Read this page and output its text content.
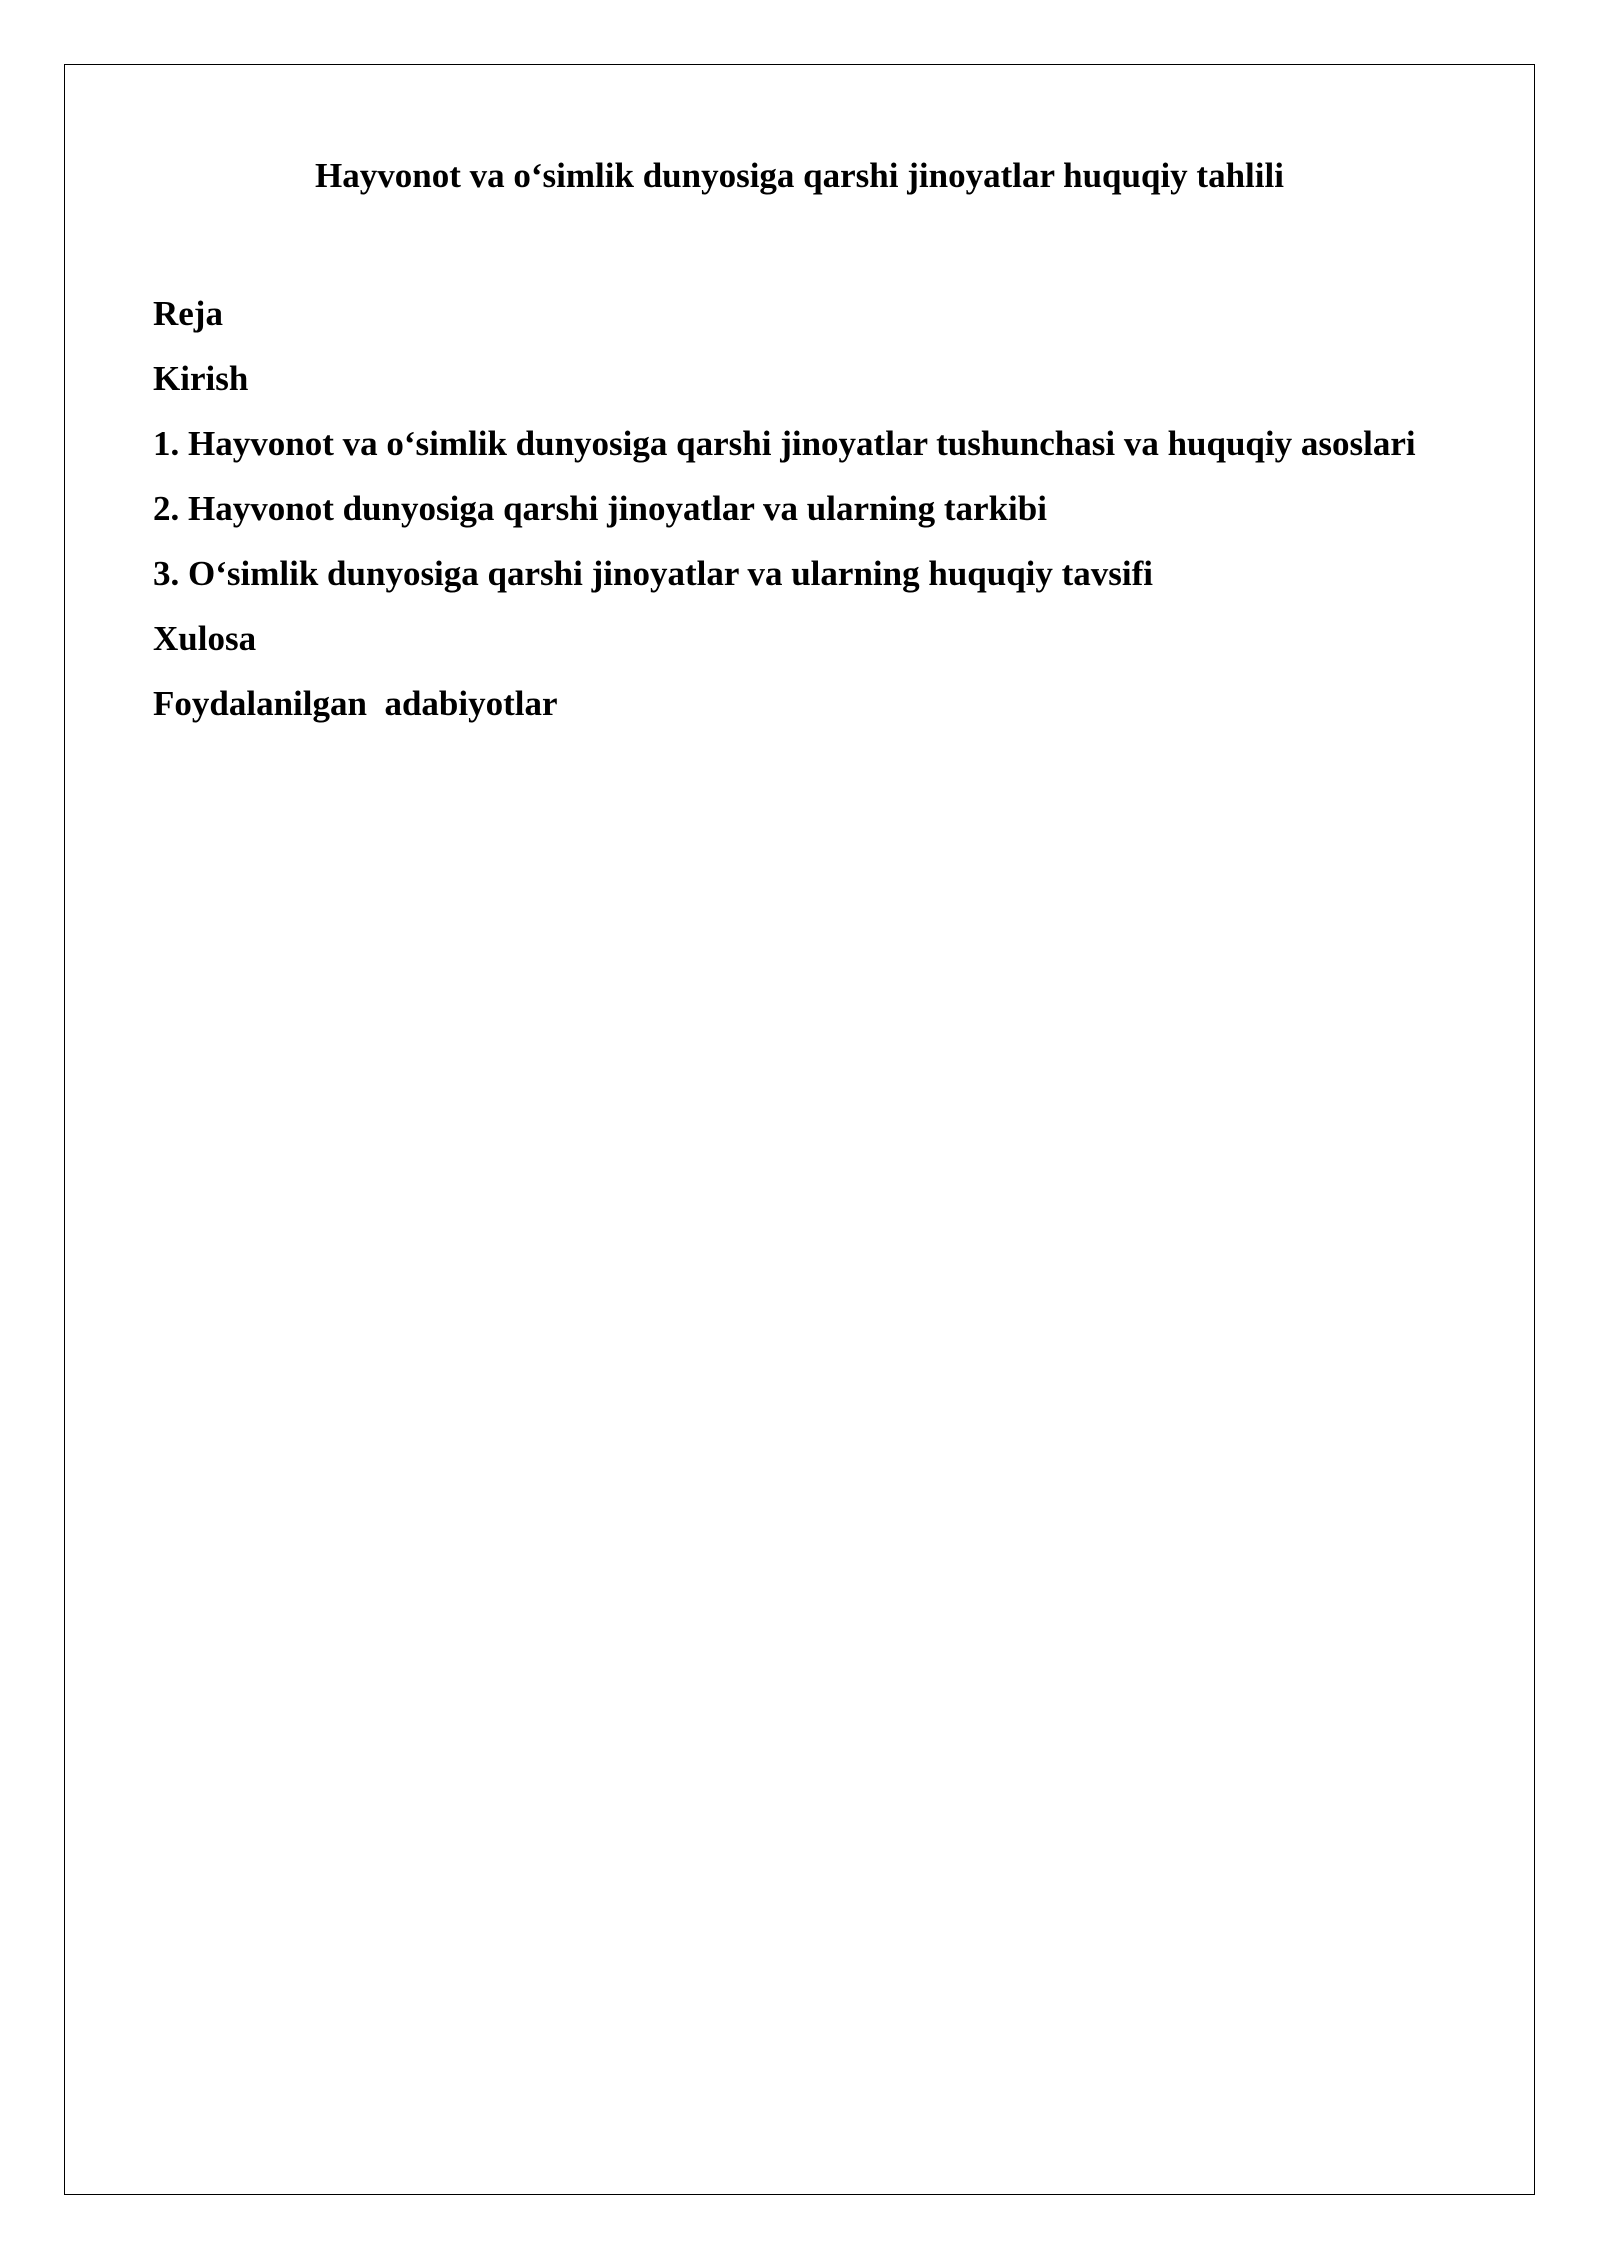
Hayvonot va o‘simlik dunyosiga qarshi jinoyatlar huquqiy tahlili

Reja

Kirish

1. Hayvonot va o‘simlik dunyosiga qarshi jinoyatlar tushunchasi va huquqiy asoslari

2. Hayvonot dunyosiga qarshi jinoyatlar va ularning tarkibi

3. O‘simlik dunyosiga qarshi jinoyatlar va ularning huquqiy tavsifi

Xulosa

Foydalanilgan  adabiyotlar
